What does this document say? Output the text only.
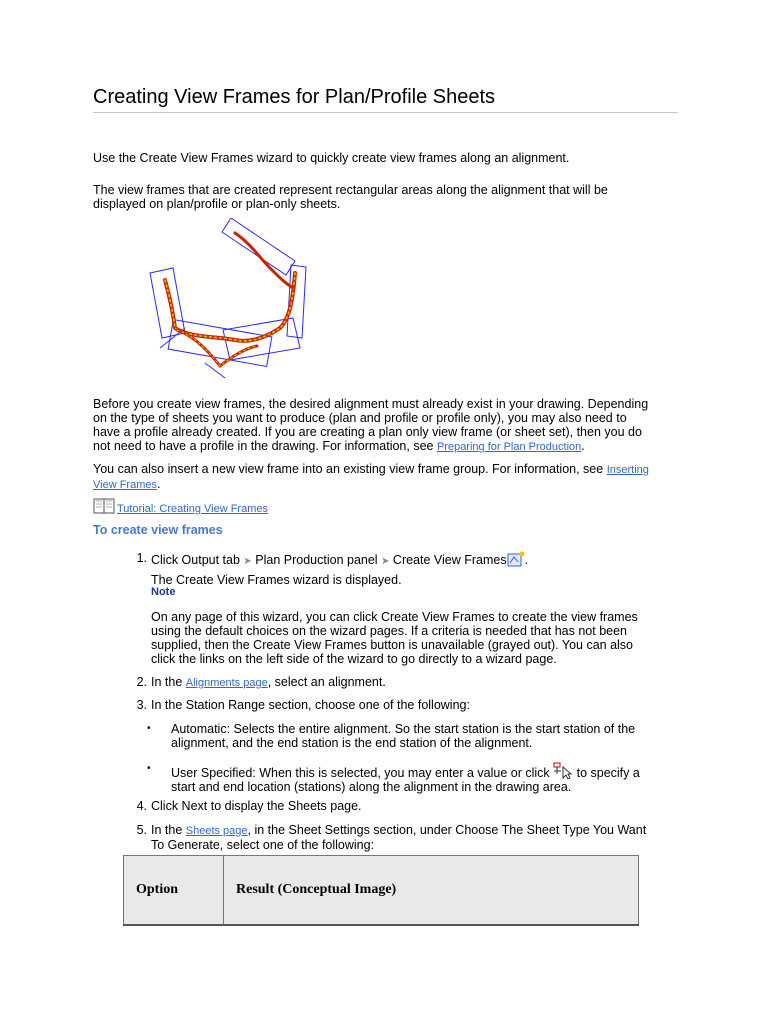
Creating View Frames for Plan/Profile Sheets

Use the Create View Frames wizard to quickly create view frames along an alignment.

The view frames that are created represent rectangular areas along the alignment that will be
displayed on plan/profile or plan-only sheets.

Before you create view frames, the desired alignment must already exist in your drawing. Depending
on the type of sheets you want to produce (plan and profile or profile only), you may also need to
have a profile already created. If you are creating a plan only view frame (or sheet set), then you do
not need to have a profile in the drawing. For information, see Preparing for Plan Production.

You can also insert a new view frame into an existing view frame group. For information, see Inserting
View Frames.

Tutorial: Creating View Frames
To create view frames
1. Click Output tab ➤ Plan Production panel ➤ Create View Frames .

The Create View Frames wizard is displayed.

Note

On any page of this wizard, you can click Create View Frames to create the view frames
using the default choices on the wizard pages. If a criteria is needed that has not been
supplied, then the Create View Frames button is unavailable (grayed out). You can also
click the links on the left side of the wizard to go directly to a wizard page.

2. In the Alignments page, select an alignment.

3. In the Station Range section, choose one of the following:

• Automatic: Selects the entire alignment. So the start station is the start station of the
alignment, and the end station is the end station of the alignment.

• User Specified: When this is selected, you may enter a value or click  to specify a
start and end location (stations) along the alignment in the drawing area.

4. Click Next to display the Sheets page.

5. In the Sheets page, in the Sheet Settings section, under Choose The Sheet Type You Want
To Generate, select one of the following:

Option	Result (Conceptual Image)
